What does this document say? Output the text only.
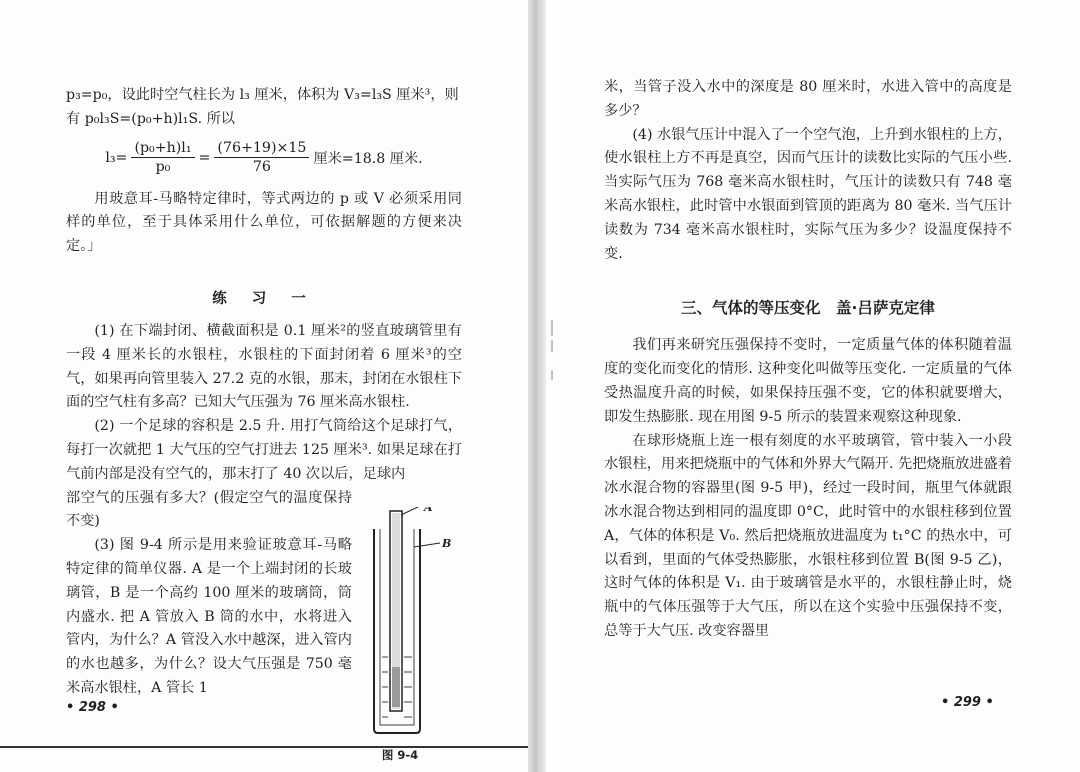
p₃=p₀，设此时空气柱长为 l₃ 厘米，体积为 V₃=l₃S 厘米³，则

有 p₀l₃S=(p₀+h)l₁S. 所以

$l_3= \frac{\text{(p₀+h)l₁}}{\text{p₀}} = \frac{(76+19)\times 15}{76}$ 厘米=18.8 厘米.

用玻意耳-马略特定律时，等式两边的 p 或 V 必须采用同样的单位，至于具体采用什么单位，可依据解题的方便来决定。」

练 习 一

(1) 在下端封闭、横截面积是 0.1 厘米²的竖直玻璃管里有一段 4 厘米长的水银柱，水银柱的下面封闭着 6 厘米³的空气，如果再向管里装入 27.2 克的水银，那末，封闭在水银柱下面的空气柱有多高？已知大气压强为 76 厘米高水银柱.

(2) 一个足球的容积是 2.5 升. 用打气筒给这个足球打气，每打一次就把 1 大气压的空气打进去 125 厘米³. 如果足球在打气前内部是没有空气的，那末打了 40 次以后，足球内

部空气的压强有多大？(假定空气的温度保持不变)

(3) 图 9-4 所示是用来验证玻意耳-马略特定律的简单仪器. A 是一个上端封闭的长玻璃管，B 是一个高约 100 厘米的玻璃筒，筒内盛水. 把 A 管放入 B 筒的水中，水将进入管内，为什么？A 管没入水中越深，进入管内的水也越多，为什么？设大气压强是 750 毫米高水银柱，A 管长 1

A
B
图 9-4
• 298 •

米，当管子没入水中的深度是 80 厘米时，水进入管中的高度是多少？

(4) 水银气压计中混入了一个空气泡，上升到水银柱的上方，使水银柱上方不再是真空，因而气压计的读数比实际的气压小些. 当实际气压为 768 毫米高水银柱时，气压计的读数只有 748 毫米高水银柱，此时管中水银面到管顶的距离为 80 毫米. 当气压计读数为 734 毫米高水银柱时，实际气压为多少？设温度保持不变.

三、气体的等压变化　盖·吕萨克定律

我们再来研究压强保持不变时，一定质量气体的体积随着温度的变化而变化的情形. 这种变化叫做等压变化. 一定质量的气体受热温度升高的时候，如果保持压强不变，它的体积就要增大，即发生热膨胀. 现在用图 9-5 所示的装置来观察这种现象.

在球形烧瓶上连一根有刻度的水平玻璃管，管中装入一小段水银柱，用来把烧瓶中的气体和外界大气隔开. 先把烧瓶放进盛着冰水混合物的容器里(图 9-5 甲)，经过一段时间，瓶里气体就跟冰水混合物达到相同的温度即 0°C，此时管中的水银柱移到位置 A，气体的体积是 V₀. 然后把烧瓶放进温度为 t₁°C 的热水中，可以看到，里面的气体受热膨胀，水银柱移到位置 B(图 9-5 乙)，这时气体的体积是 V₁. 由于玻璃管是水平的，水银柱静止时，烧瓶中的气体压强等于大气压，所以在这个实验中压强保持不变，总等于大气压. 改变容器里

• 299 •
